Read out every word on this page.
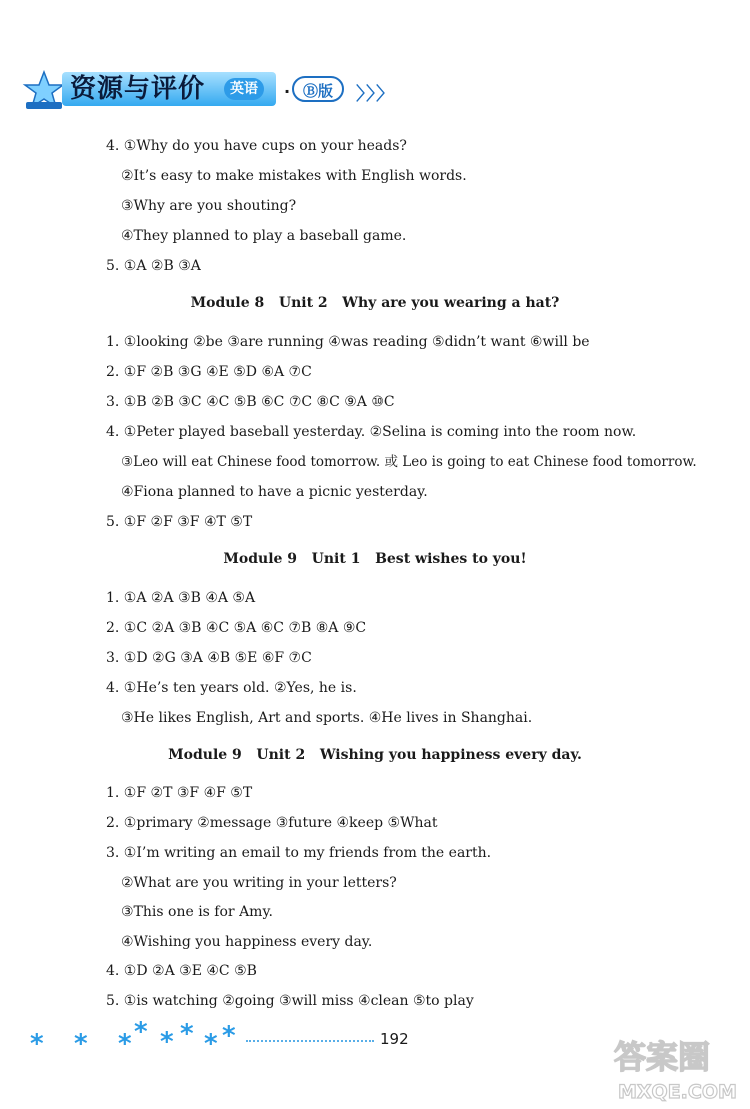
资源与评价	英语	· Ⓑ版	〉〉〉
4. ①Why do you have cups on your heads?
②It’s easy to make mistakes with English words.
③Why are you shouting?
④They planned to play a baseball game.
5. ①A ②B ③A
Module 8   Unit 2   Why are you wearing a hat?
1. ①looking ②be ③are running ④was reading ⑤didn’t want ⑥will be
2. ①F ②B ③G ④E ⑤D ⑥A ⑦C
3. ①B ②B ③C ④C ⑤B ⑥C ⑦C ⑧C ⑨A ⑩C
4. ①Peter played baseball yesterday. ②Selina is coming into the room now.
③Leo will eat Chinese food tomorrow. 或 Leo is going to eat Chinese food tomorrow.
④Fiona planned to have a picnic yesterday.
5. ①F ②F ③F ④T ⑤T
Module 9   Unit 1   Best wishes to you!
1. ①A ②A ③B ④A ⑤A
2. ①C ②A ③B ④C ⑤A ⑥C ⑦B ⑧A ⑨C
3. ①D ②G ③A ④B ⑤E ⑥F ⑦C
4. ①He’s ten years old. ②Yes, he is.
③He likes English, Art and sports. ④He lives in Shanghai.
Module 9   Unit 2   Wishing you happiness every day.
1. ①F ②T ③F ④F ⑤T
2. ①primary ②message ③future ④keep ⑤What
3. ①I’m writing an email to my friends from the earth.
②What are you writing in your letters?
③This one is for Amy.
④Wishing you happiness every day.
4. ①D ②A ③E ④C ⑤B
5. ①is watching ②going ③will miss ④clean ⑤to play
* * * * * * * *	192	答案圈
MXQE.COM
